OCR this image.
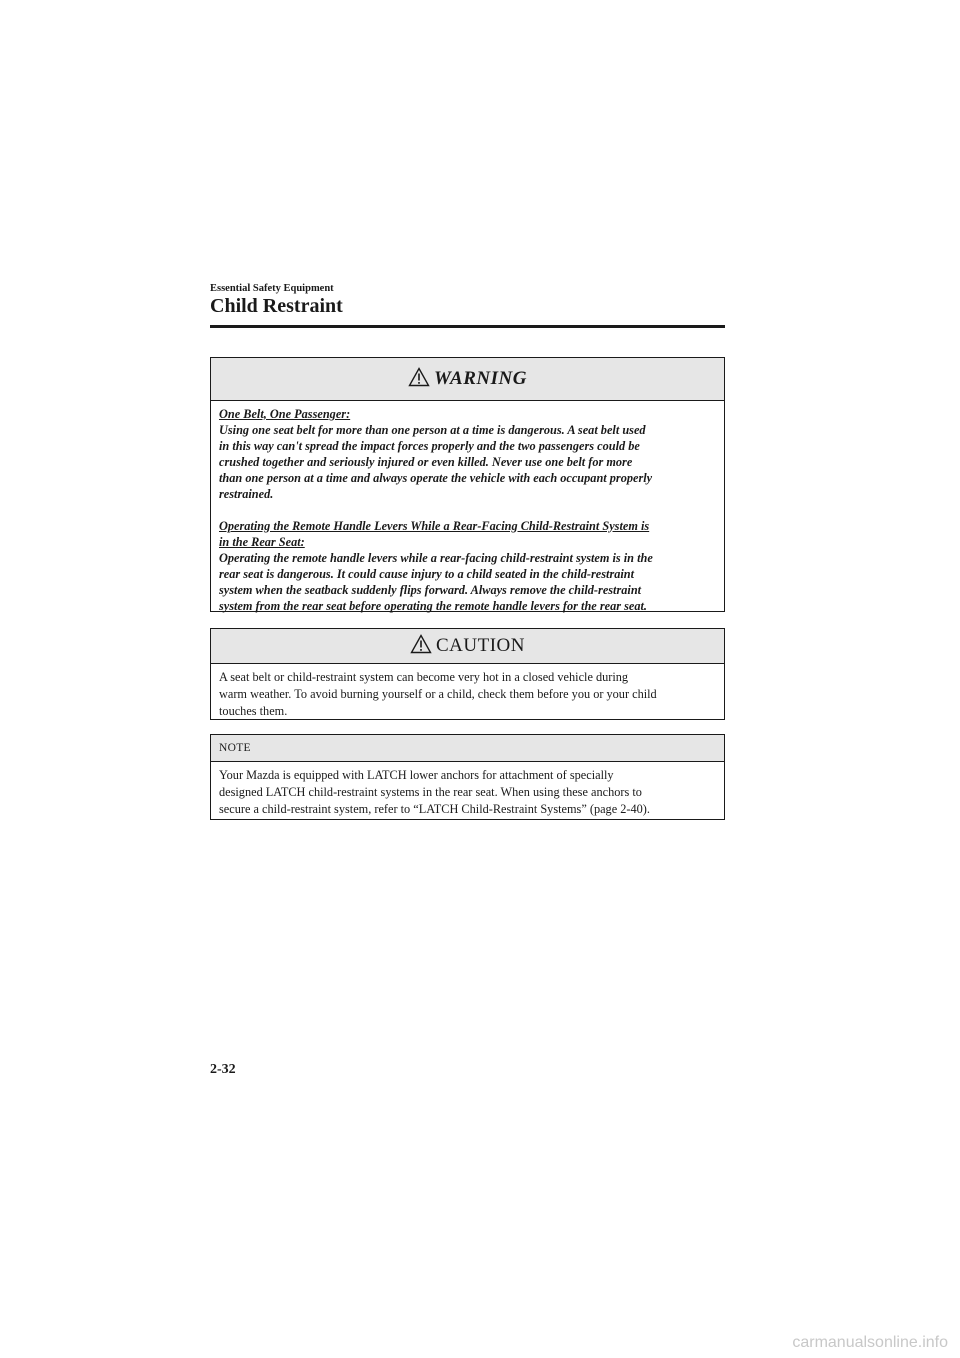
Essential Safety Equipment
Child Restraint
WARNING

One Belt, One Passenger:

Using one seat belt for more than one person at a time is dangerous. A seat belt used

in this way can't spread the impact forces properly and the two passengers could be

crushed together and seriously injured or even killed. Never use one belt for more

than one person at a time and always operate the vehicle with each occupant properly

restrained.

Operating the Remote Handle Levers While a Rear-Facing Child-Restraint System is

in the Rear Seat:

Operating the remote handle levers while a rear-facing child-restraint system is in the

rear seat is dangerous. It could cause injury to a child seated in the child-restraint

system when the seatback suddenly flips forward. Always remove the child-restraint

system from the rear seat before operating the remote handle levers for the rear seat.

CAUTION
A seat belt or child-restraint system can become very hot in a closed vehicle during
warm weather. To avoid burning yourself or a child, check them before you or your child
touches them.
NOTE
Your Mazda is equipped with LATCH lower anchors for attachment of specially
designed LATCH child-restraint systems in the rear seat. When using these anchors to
secure a child-restraint system, refer to “LATCH Child-Restraint Systems” (page 2-40).
2-32
carmanualsonline.info
